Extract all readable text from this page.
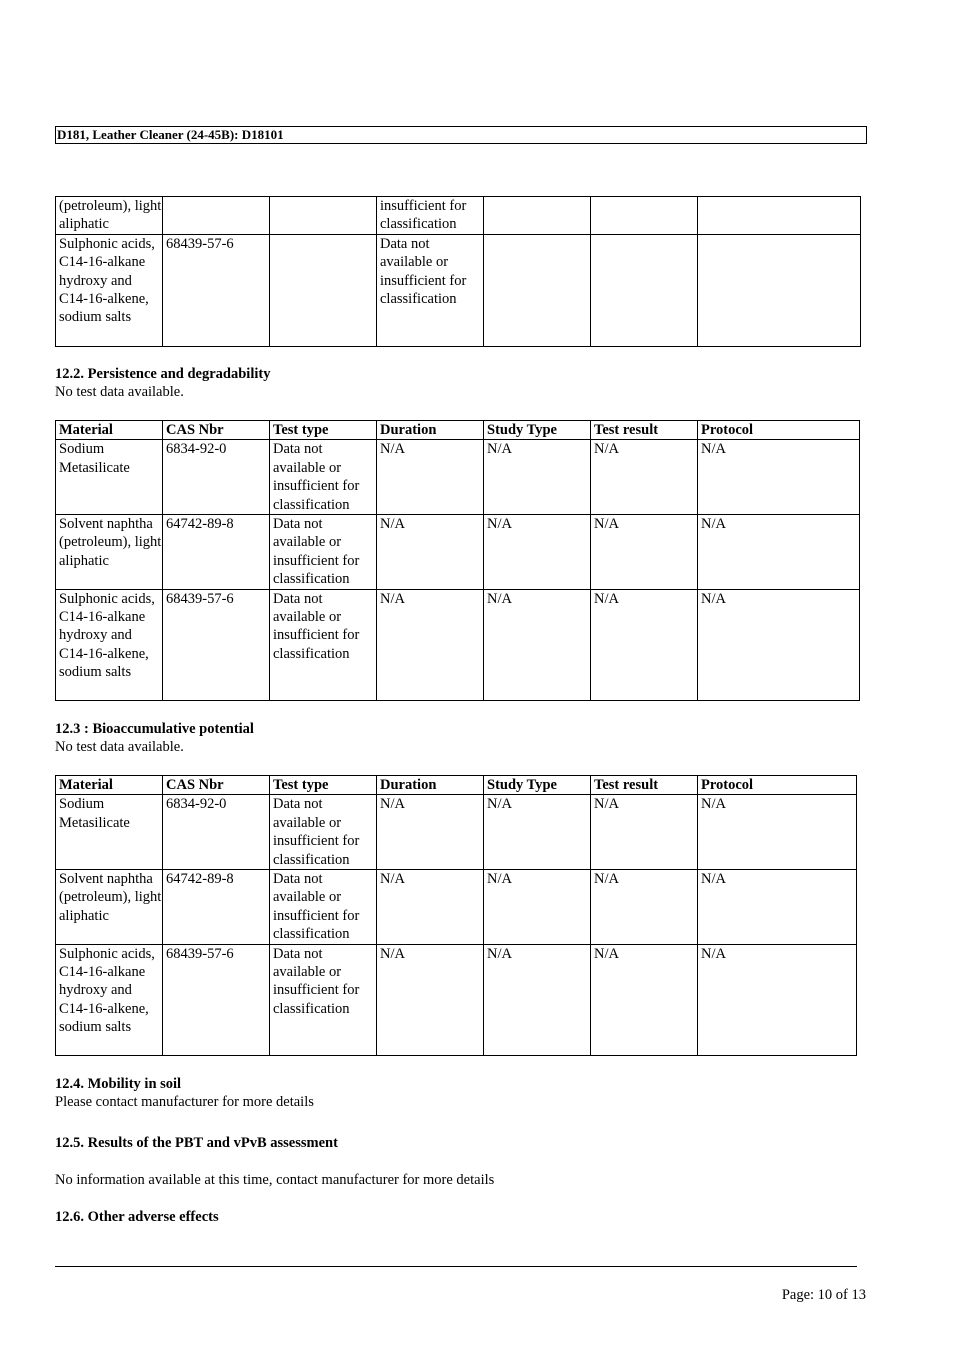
D181, Leather Cleaner (24-45B): D18101
(petroleum), light aliphatic			insufficient for classification			
Sulphonic acids, C14-16-alkane hydroxy and C14-16-alkene, sodium salts	68439-57-6		Data not available or insufficient for classification			
12.2. Persistence and degradability
No test data available.
Material	CAS Nbr	Test type	Duration	Study Type	Test result	Protocol
Sodium Metasilicate	6834-92-0	Data not available or insufficient for classification	N/A	N/A	N/A	N/A
Solvent naphtha (petroleum), light aliphatic	64742-89-8	Data not available or insufficient for classification	N/A	N/A	N/A	N/A
Sulphonic acids, C14-16-alkane hydroxy and C14-16-alkene, sodium salts	68439-57-6	Data not available or insufficient for classification	N/A	N/A	N/A	N/A
12.3 : Bioaccumulative potential
No test data available.
Material	CAS Nbr	Test type	Duration	Study Type	Test result	Protocol
Sodium Metasilicate	6834-92-0	Data not available or insufficient for classification	N/A	N/A	N/A	N/A
Solvent naphtha (petroleum), light aliphatic	64742-89-8	Data not available or insufficient for classification	N/A	N/A	N/A	N/A
Sulphonic acids, C14-16-alkane hydroxy and C14-16-alkene, sodium salts	68439-57-6	Data not available or insufficient for classification	N/A	N/A	N/A	N/A
12.4. Mobility in soil
Please contact manufacturer for more details
12.5. Results of the PBT and vPvB assessment
No information available at this time, contact manufacturer for more details
12.6. Other adverse effects
Page: 10 of 13
